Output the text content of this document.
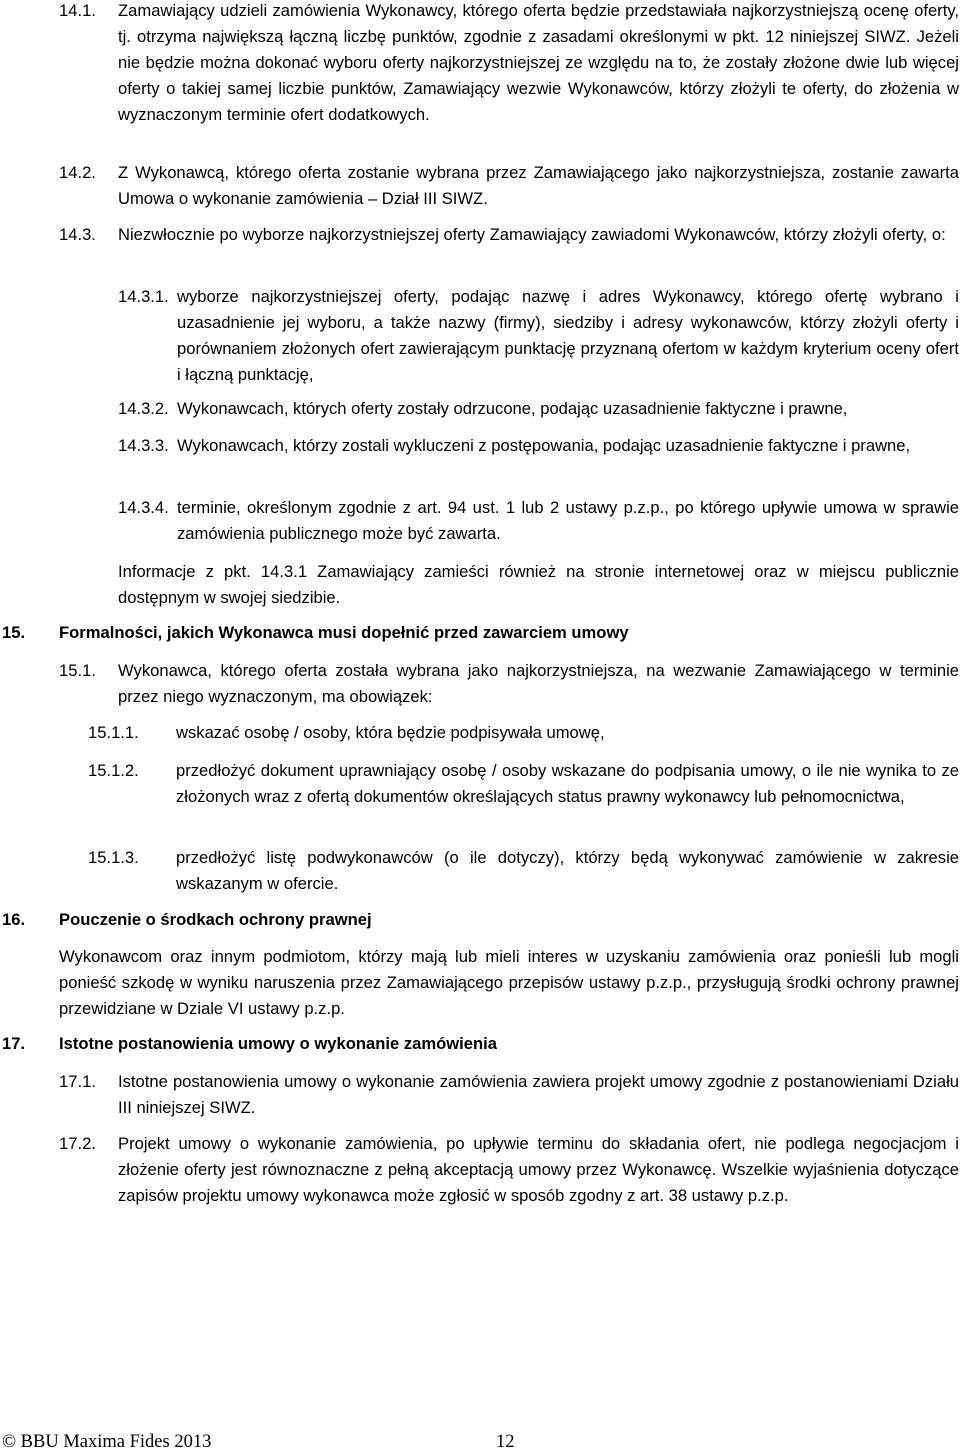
14.1.	Zamawiający udzieli zamówienia Wykonawcy, którego oferta będzie przedstawiała najkorzystniejszą ocenę oferty, tj. otrzyma największą łączną liczbę punktów, zgodnie z zasadami określonymi w pkt. 12 niniejszej SIWZ. Jeżeli nie będzie można dokonać wyboru oferty najkorzystniejszej ze względu na to, że zostały złożone dwie lub więcej oferty o takiej samej liczbie punktów, Zamawiający wezwie Wykonawców, którzy złożyli te oferty, do złożenia w wyznaczonym terminie ofert dodatkowych.
14.2.	Z Wykonawcą, którego oferta zostanie wybrana przez Zamawiającego jako najkorzystniejsza, zostanie zawarta Umowa o wykonanie zamówienia – Dział III SIWZ.
14.3.	Niezwłocznie po wyborze najkorzystniejszej oferty Zamawiający zawiadomi Wykonawców, którzy złożyli oferty, o:
14.3.1. wyborze najkorzystniejszej oferty, podając nazwę i adres Wykonawcy, którego ofertę wybrano i uzasadnienie jej wyboru, a także nazwy (firmy), siedziby i adresy wykonawców, którzy złożyli oferty i porównaniem złożonych ofert zawierającym punktację przyznaną ofertom w każdym kryterium oceny ofert i łączną punktację,
14.3.2. Wykonawcach, których oferty zostały odrzucone, podając uzasadnienie faktyczne i prawne,
14.3.3. Wykonawcach, którzy zostali wykluczeni z postępowania, podając uzasadnienie faktyczne i prawne,
14.3.4. terminie, określonym zgodnie z art. 94 ust. 1 lub 2 ustawy p.z.p., po którego upływie umowa w sprawie zamówienia publicznego może być zawarta.
Informacje z pkt. 14.3.1 Zamawiający zamieści również na stronie internetowej oraz w miejscu publicznie dostępnym w swojej siedzibie.
15.	Formalności, jakich Wykonawca musi dopełnić przed zawarciem umowy
15.1.	Wykonawca, którego oferta została wybrana jako najkorzystniejsza, na wezwanie Zamawiającego w terminie przez niego wyznaczonym, ma obowiązek:
15.1.1.	wskazać osobę / osoby, która będzie podpisywała umowę,
15.1.2.	przedłożyć dokument uprawniający osobę / osoby wskazane do podpisania umowy, o ile nie wynika to ze złożonych wraz z ofertą dokumentów określających status prawny wykonawcy lub pełnomocnictwa,
15.1.3.	przedłożyć listę podwykonawców (o ile dotyczy), którzy będą wykonywać zamówienie w zakresie wskazanym w ofercie.
16.	Pouczenie o środkach ochrony prawnej
Wykonawcom oraz innym podmiotom, którzy mają lub mieli interes w uzyskaniu zamówienia oraz ponieśli lub mogli ponieść szkodę w wyniku naruszenia przez Zamawiającego przepisów ustawy p.z.p., przysługują środki ochrony prawnej przewidziane w Dziale VI ustawy p.z.p.
17.	Istotne postanowienia umowy o wykonanie zamówienia
17.1.	Istotne postanowienia umowy o wykonanie zamówienia zawiera projekt umowy zgodnie z postanowieniami Działu III niniejszej SIWZ.
17.2.	Projekt umowy o wykonanie zamówienia, po upływie terminu do składania ofert, nie podlega negocjacjom i złożenie oferty jest równoznaczne z pełną akceptacją umowy przez Wykonawcę. Wszelkie wyjaśnienia dotyczące zapisów projektu umowy wykonawca może zgłosić w sposób zgodny z art. 38 ustawy p.z.p.
© BBU Maxima Fides 2013	12
